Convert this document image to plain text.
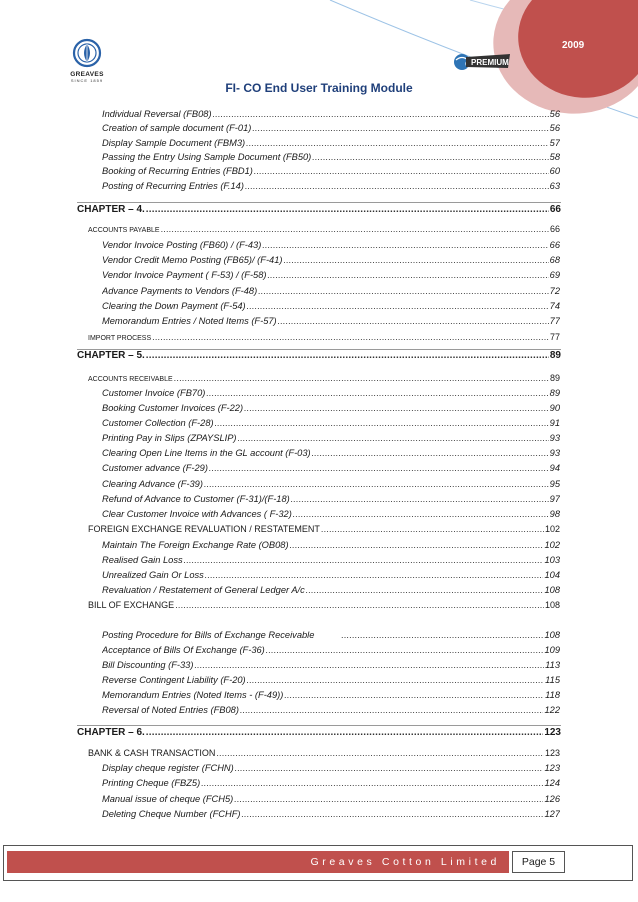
2009
GREAVES
SINCE 1859
PREMIUM
FI- CO End User Training Module
Individual Reversal (FB08) .....	56
Creation of sample document (F-01) .....	56
Display Sample Document (FBM3) .....	57
Passing the Entry Using Sample Document (FB50) .....	58
Booking of Recurring Entries (FBD1) .....	60
Posting of Recurring Entries (F.14) .....	63
CHAPTER – 4. .....	66
ACCOUNTS PAYABLE .....	66
Vendor Invoice Posting (FB60) / (F-43) .....	66
Vendor Credit Memo Posting (FB65)/ (F-41) .....	68
Vendor Invoice Payment ( F-53) / (F-58) .....	69
Advance Payments to Vendors (F-48) .....	72
Clearing the Down Payment (F-54) .....	74
Memorandum Entries / Noted Items (F-57) .....	77
IMPORT PROCESS .....	77
CHAPTER – 5. .....	89
ACCOUNTS RECEIVABLE .....	89
Customer Invoice (FB70) .....	89
Booking Customer Invoices (F-22) .....	90
Customer Collection (F-28) .....	91
Printing Pay in Slips (ZPAYSLIP) .....	93
Clearing Open Line Items in the GL account (F-03) .....	93
Customer advance (F-29) .....	94
Clearing Advance (F-39) .....	95
Refund of Advance to Customer (F-31)/(F-18) .....	97
Clear Customer Invoice with Advances ( F-32) .....	98
FOREIGN EXCHANGE REVALUATION / RESTATEMENT .....	102
Maintain The Foreign Exchange Rate (OB08) .....	102
Realised Gain Loss .....	103
Unrealized Gain Or Loss .....	104
Revaluation / Restatement of General Ledger A/c .....	108
BILL OF EXCHANGE .....	108
Posting Procedure for Bills of Exchange Receivable .....	108
Acceptance of Bills Of Exchange (F-36) .....	109
Bill Discounting (F-33) .....	113
Reverse Contingent Liability (F-20) .....	115
Memorandum Entries (Noted Items - (F-49)) .....	118
Reversal of Noted Entries (FB08) .....	122
CHAPTER – 6. .....	123
BANK & CASH TRANSACTION .....	123
Display cheque register (FCHN) .....	123
Printing Cheque (FBZ5) .....	124
Manual issue of cheque (FCH5) .....	126
Deleting Cheque Number (FCHF) .....	127
Greaves Cotton Limited Page 5
